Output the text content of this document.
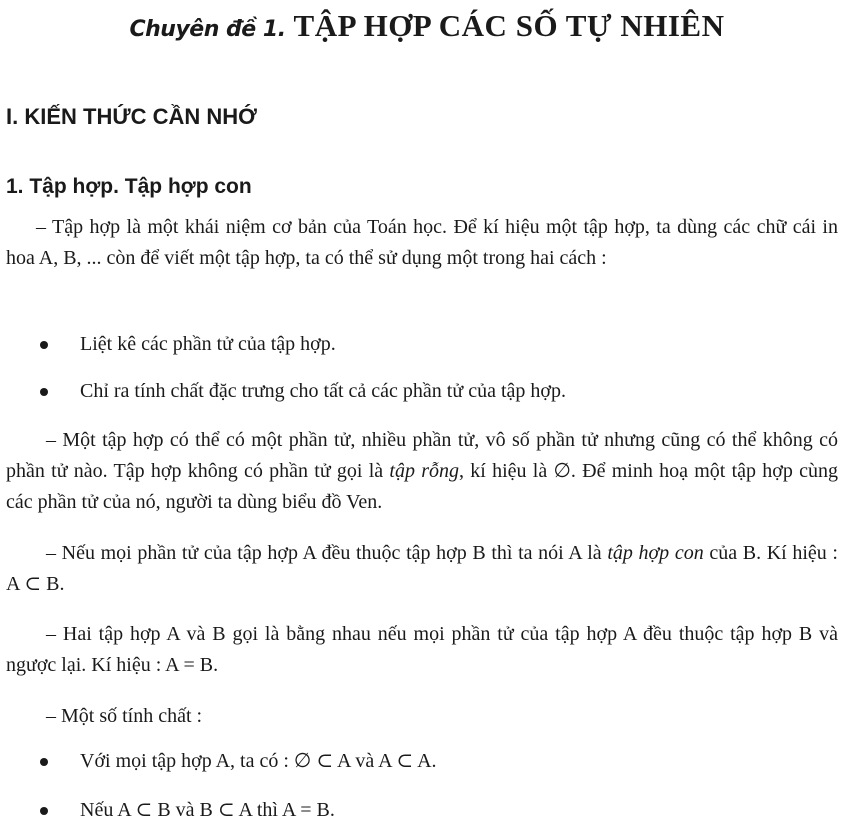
Chuyên đề 1. TẬP HỢP CÁC SỐ TỰ NHIÊN
I. KIẾN THỨC CẦN NHỚ
1. Tập hợp. Tập hợp con
– Tập hợp là một khái niệm cơ bản của Toán học. Để kí hiệu một tập hợp, ta dùng các chữ cái in hoa A, B, ... còn để viết một tập hợp, ta có thể sử dụng một trong hai cách :
Liệt kê các phần tử của tập hợp.
Chỉ ra tính chất đặc trưng cho tất cả các phần tử của tập hợp.
– Một tập hợp có thể có một phần tử, nhiều phần tử, vô số phần tử nhưng cũng có thể không có phần tử nào. Tập hợp không có phần tử gọi là tập rỗng, kí hiệu là ∅. Để minh hoạ một tập hợp cùng các phần tử của nó, người ta dùng biểu đồ Ven.
– Nếu mọi phần tử của tập hợp A đều thuộc tập hợp B thì ta nói A là tập hợp con của B. Kí hiệu : A ⊂ B.
– Hai tập hợp A và B gọi là bằng nhau nếu mọi phần tử của tập hợp A đều thuộc tập hợp B và ngược lại. Kí hiệu : A = B.
– Một số tính chất :
Với mọi tập hợp A, ta có : ∅ ⊂ A và A ⊂ A.
Nếu A ⊂ B và B ⊂ A thì A = B.
